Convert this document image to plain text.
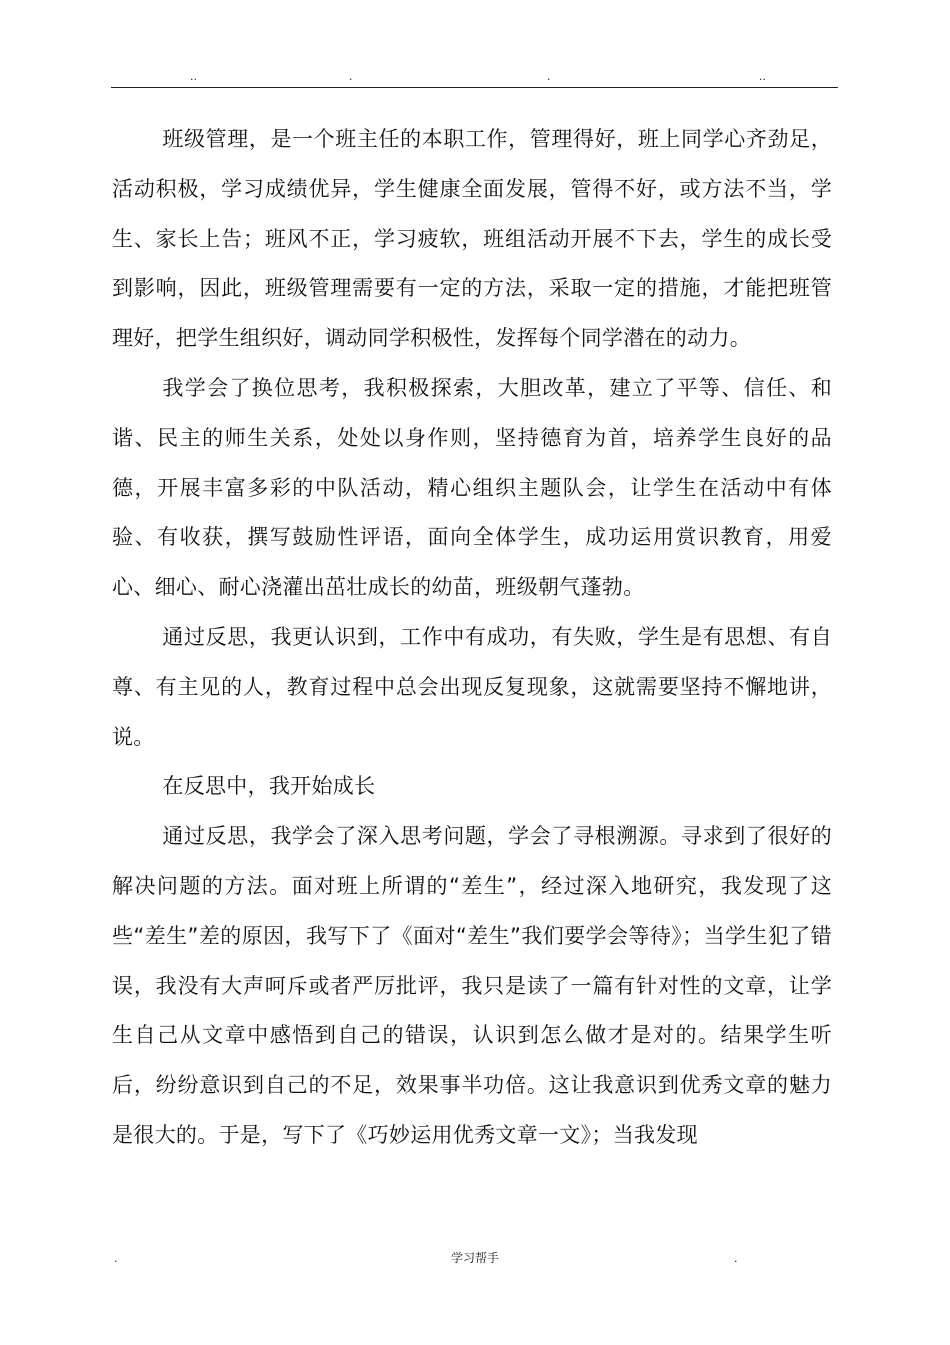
..	.	.	..

班级管理，是一个班主任的本职工作，管理得好，班上同学心齐劲足，活动积极，学习成绩优异，学生健康全面发展，管得不好，或方法不当，学生、家长上告；班风不正，学习疲软，班组活动开展不下去，学生的成长受到影响，因此，班级管理需要有一定的方法，采取一定的措施，才能把班管理好，把学生组织好，调动同学积极性，发挥每个同学潜在的动力。

我学会了换位思考，我积极探索，大胆改革，建立了平等、信任、和谐、民主的师生关系，处处以身作则，坚持德育为首，培养学生良好的品德，开展丰富多彩的中队活动，精心组织主题队会，让学生在活动中有体验、有收获，撰写鼓励性评语，面向全体学生，成功运用赏识教育，用爱心、细心、耐心浇灌出茁壮成长的幼苗，班级朝气蓬勃。

通过反思，我更认识到，工作中有成功，有失败，学生是有思想、有自尊、有主见的人，教育过程中总会出现反复现象，这就需要坚持不懈地讲，说。

在反思中，我开始成长

通过反思，我学会了深入思考问题，学会了寻根溯源。寻求到了很好的解决问题的方法。面对班上所谓的“差生”，经过深入地研究，我发现了这些“差生”差的原因，我写下了《面对“差生”我们要学会等待》；当学生犯了错误，我没有大声呵斥或者严厉批评，我只是读了一篇有针对性的文章，让学生自己从文章中感悟到自己的错误，认识到怎么做才是对的。结果学生听后，纷纷意识到自己的不足，效果事半功倍。这让我意识到优秀文章的魅力是很大的。于是，写下了《巧妙运用优秀文章一文》；当我发现

.	学习帮手	.
